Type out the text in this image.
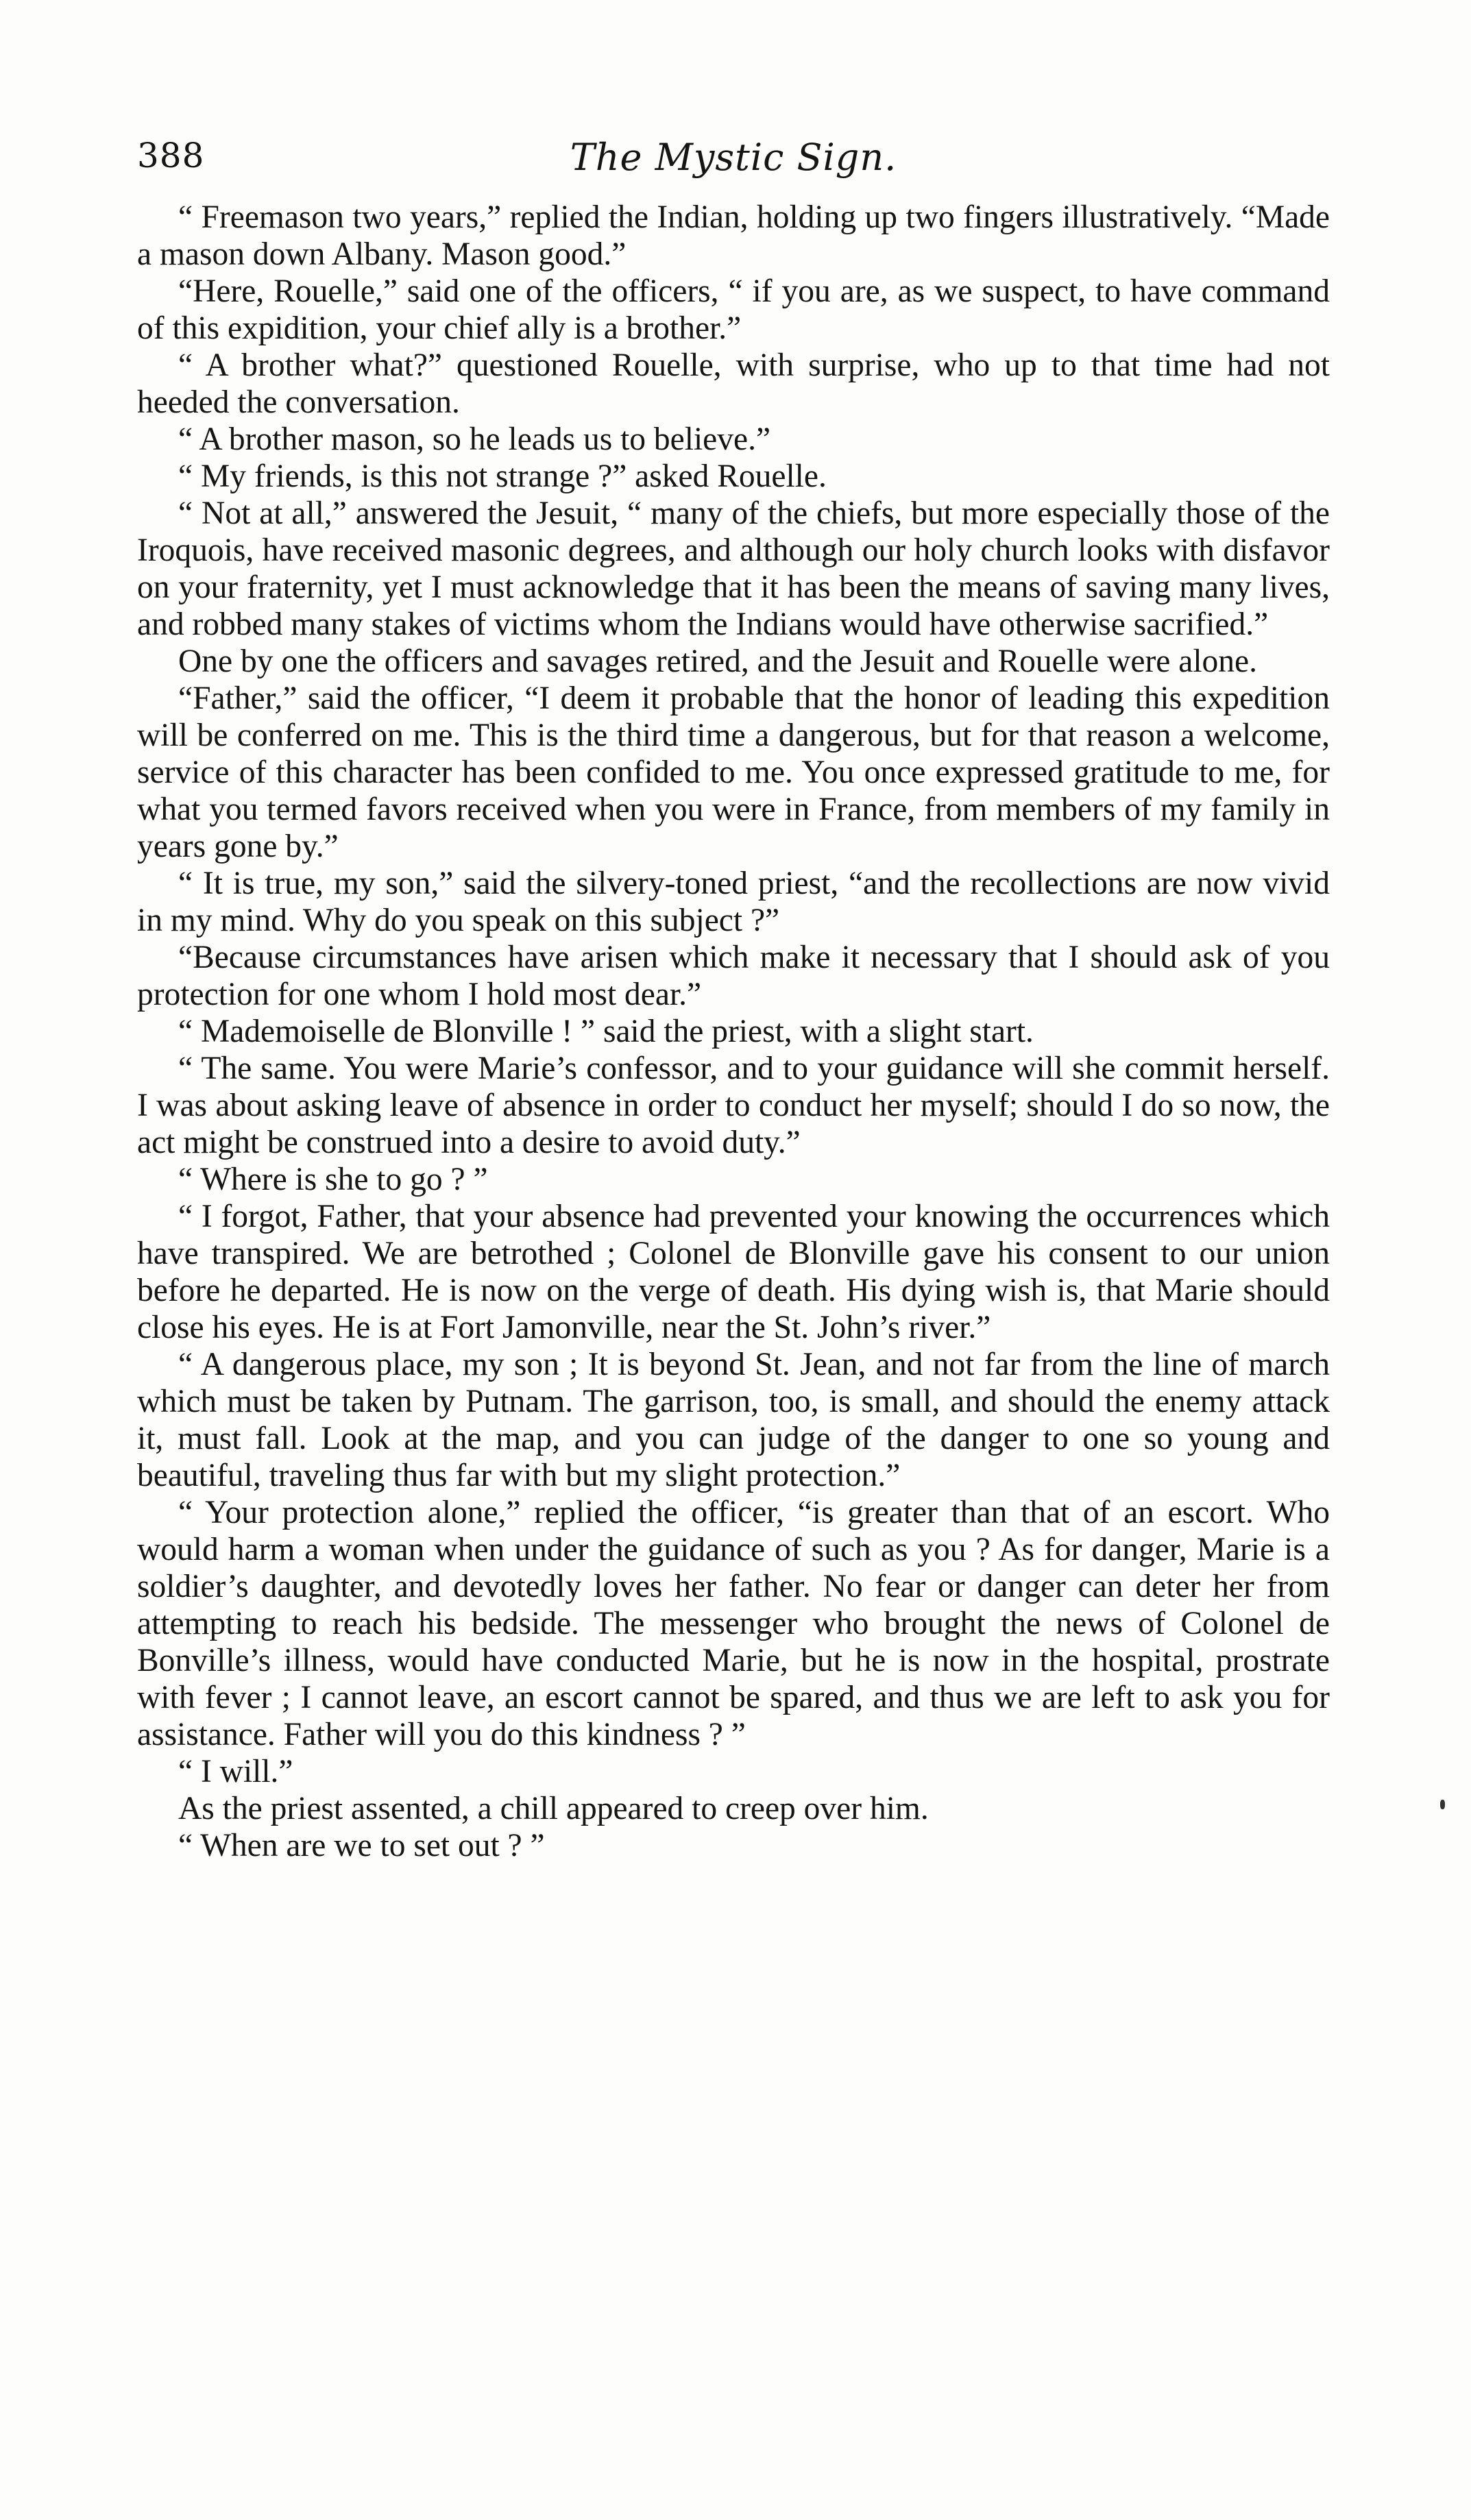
388	The Mystic Sign.

“ Freemason two years,” replied the Indian, holding up two fingers illustratively. “Made a mason down Albany. Mason good.”

“Here, Rouelle,” said one of the officers, “ if you are, as we suspect, to have command of this expidition, your chief ally is a brother.”

“ A brother what?” questioned Rouelle, with surprise, who up to that time had not heeded the conversation.

“ A brother mason, so he leads us to believe.”

“ My friends, is this not strange ?” asked Rouelle.

“ Not at all,” answered the Jesuit, “ many of the chiefs, but more especially those of the Iroquois, have received masonic degrees, and although our holy church looks with disfavor on your fraternity, yet I must acknowledge that it has been the means of saving many lives, and robbed many stakes of victims whom the Indians would have otherwise sacrified.”

One by one the officers and savages retired, and the Jesuit and Rouelle were alone.

“Father,” said the officer, “I deem it probable that the honor of leading this expedition will be conferred on me. This is the third time a dangerous, but for that reason a welcome, service of this character has been confided to me. You once expressed gratitude to me, for what you termed favors received when you were in France, from members of my family in years gone by.”

“ It is true, my son,” said the silvery-toned priest, “and the recollections are now vivid in my mind. Why do you speak on this subject ?”

“Because circumstances have arisen which make it necessary that I should ask of you protection for one whom I hold most dear.”

“ Mademoiselle de Blonville ! ” said the priest, with a slight start.

“ The same. You were Marie’s confessor, and to your guidance will she commit herself. I was about asking leave of absence in order to conduct her myself; should I do so now, the act might be construed into a desire to avoid duty.”

“ Where is she to go ? ”

“ I forgot, Father, that your absence had prevented your knowing the occurrences which have transpired. We are betrothed ; Colonel de Blonville gave his consent to our union before he departed. He is now on the verge of death. His dying wish is, that Marie should close his eyes. He is at Fort Jamonville, near the St. John’s river.”

“ A dangerous place, my son ; It is beyond St. Jean, and not far from the line of march which must be taken by Putnam. The garrison, too, is small, and should the enemy attack it, must fall. Look at the map, and you can judge of the danger to one so young and beautiful, traveling thus far with but my slight protection.”

“ Your protection alone,” replied the officer, “is greater than that of an escort. Who would harm a woman when under the guidance of such as you ? As for danger, Marie is a soldier’s daughter, and devotedly loves her father. No fear or danger can deter her from attempting to reach his bedside. The messenger who brought the news of Colonel de Bonville’s illness, would have conducted Marie, but he is now in the hospital, prostrate with fever ; I cannot leave, an escort cannot be spared, and thus we are left to ask you for assistance. Father will you do this kindness ? ”

“ I will.”

As the priest assented, a chill appeared to creep over him.

“ When are we to set out ? ”
